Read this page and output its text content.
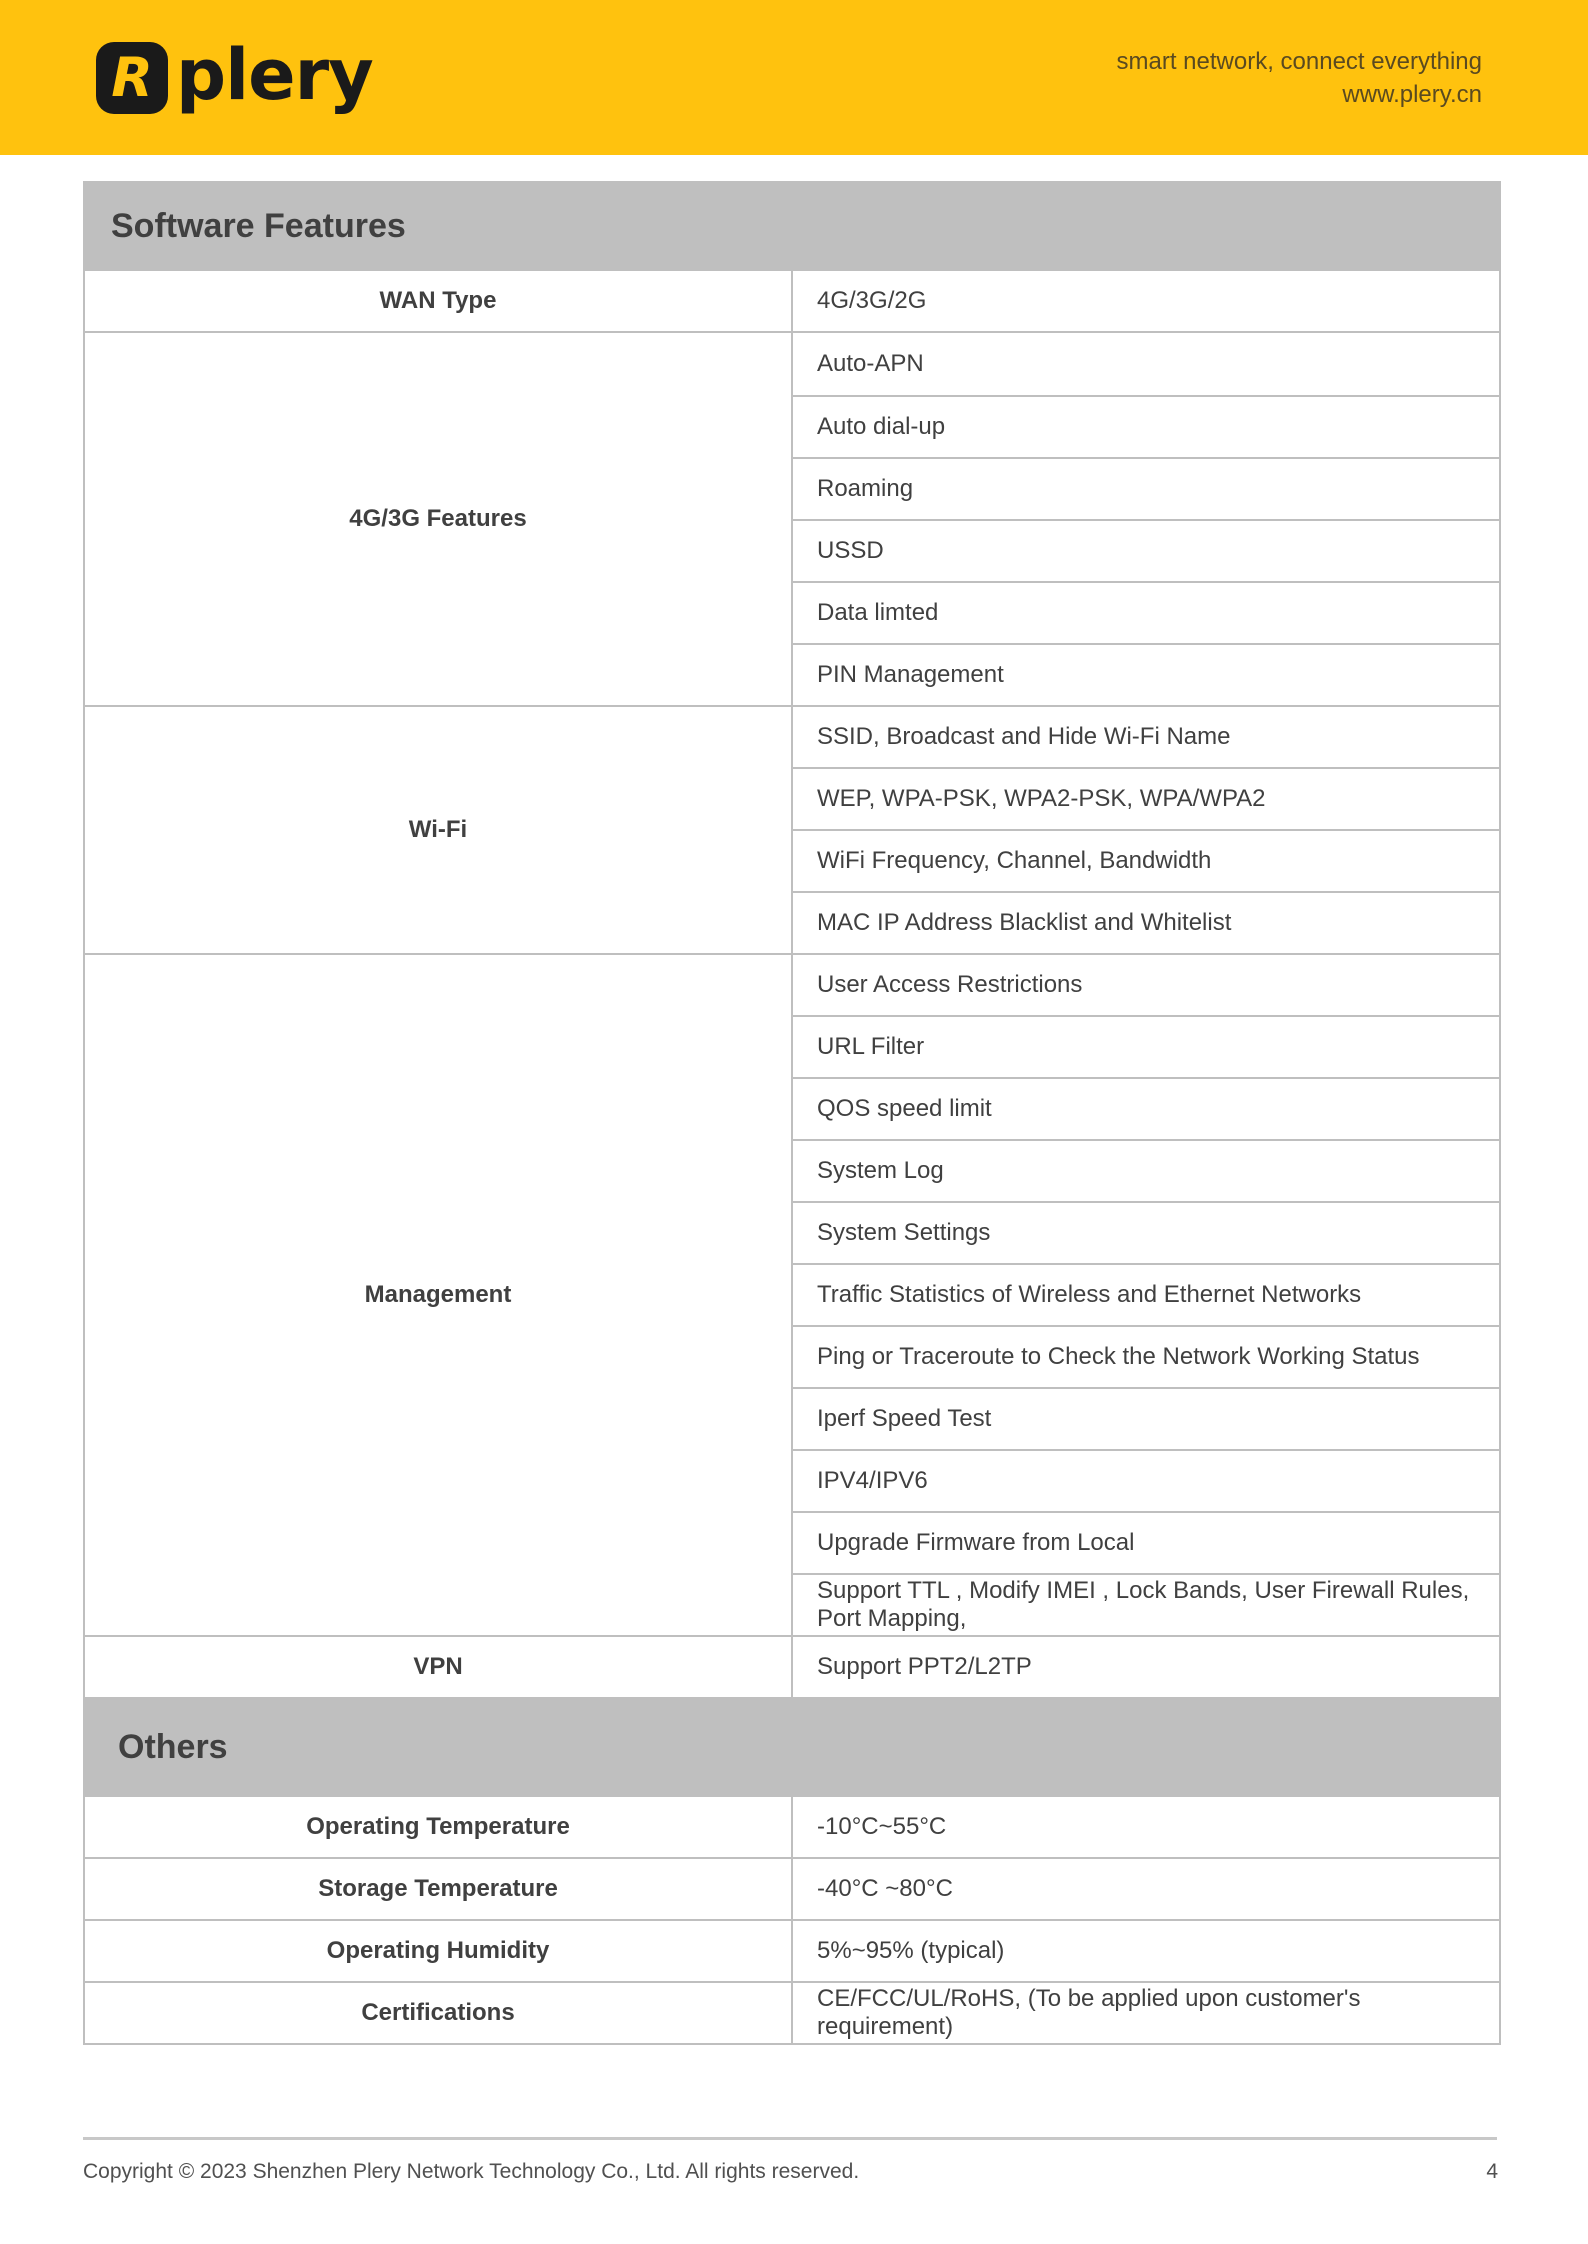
R plery	smart network, connect everything
www.plery.cn
Software Features	
WAN Type	4G/3G/2G
4G/3G Features	Auto-APN
	Auto dial-up
	Roaming
	USSD
	Data limted
	PIN Management
Wi-Fi	SSID, Broadcast and Hide Wi-Fi Name
	WEP, WPA-PSK, WPA2-PSK, WPA/WPA2
	WiFi Frequency, Channel, Bandwidth
	MAC IP Address Blacklist and Whitelist
Management	User Access Restrictions
	URL Filter
	QOS speed limit
	System Log
	System Settings
	Traffic Statistics of Wireless and Ethernet Networks
	Ping or Traceroute to Check the Network Working Status
	Iperf Speed Test
	IPV4/IPV6
	Upgrade Firmware from Local
	Support TTL , Modify IMEI , Lock Bands, User Firewall Rules, Port Mapping,
VPN	Support PPT2/L2TP
Others	
Operating Temperature	-10°C~55°C
Storage Temperature	-40°C ~80°C
Operating Humidity	5%~95% (typical)
Certifications	CE/FCC/UL/RoHS, (To be applied upon customer's requirement)
Copyright © 2023 Shenzhen Plery Network Technology Co., Ltd. All rights reserved.	4
